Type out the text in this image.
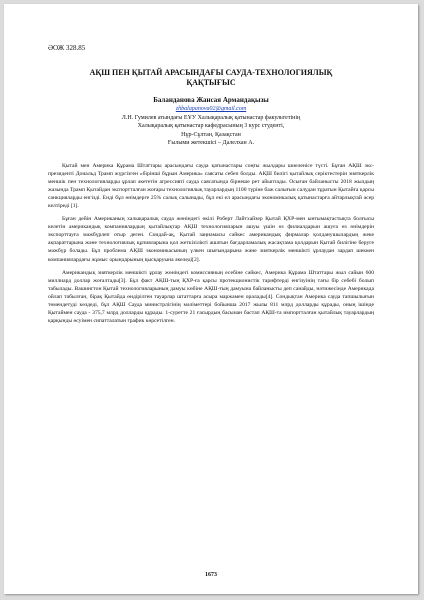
ӘОЖ 328.85
АҚШ ПЕН ҚЫТАЙ АРАСЫНДАҒЫ САУДА-ТЕХНОЛОГИЯЛЫҚ
ҚАҚТЫҒЫС
Баланданова Жансая Армандақызы
zhbalapanova02@gmail.com
Л.Н. Гумилев атындағы ЕҰУ Халықаралық қатынастар факультетінің
Халықаралық қатынастар кафедрасының 3 курс студенті,
Нұр-Сұлтан, Қазақстан
Ғылыми жетекшісі – Далелхан А.

Қытай мен Америка Құрама Штаттары арасындағы сауда қатынастары соңғы жылдары шиеленісе түсті. Бұған АҚШ экс-президенті Дональд Трамп жүргізген «бірінші бұрын Америка» саясаты себеп болды. АҚШ билігі қытайлық серіктестерін зияткерлік меншік пен технологияларды ұрлап әкететін агрессивті сауда саясатында бірнеше рет айыптады. Осыған байланысты 2018 жылдың жазында Трамп Қытайдан экспортталған жоғары технологиялық тауарлардың 1100 түріне баж салығын салудан тұратын Қытайға қарсы санкцияларды енгізді. Енді бұл өнімдерге 25% салық салынады, бұл екі ел арасындағы экономикалық қатынастарға айтарлықтай әсер келтіреді [1].

Бұған дейін Американың халықаралық сауда жөніндегі өкілі Роберт Лайтхайзер Қытай ҚХР-мен ынтымақтастықта болғысы келетін американдық компаниялардың қытайлықтар АҚШ технологияларын ашуы үшін өз филиалдарын ашуға өз өнімдерін экспорттауға мәжбүрлеп отыр деген. Сондай-ақ, Қытай заңнамасы сәйкес американдық фирмалар қолданушылардың жеке ақпараттарына және технологиялық құпияларына қол жеткізілікті ашатын бағдарламалық жасақтама қолдарын Қытай билігіне беруге мәжбүр болады. Бұл проблема АҚШ экономикасының үлкен шығындарына және зияткерлік меншікті ұрлаудан зардап шеккен компаниялардағы жұмыс орындарының қысқаруына әкеледі[2].

Американдық зияткерлік меншікті ұрлау жөніндегі комиссияның есебіне сәйкес, Америка Құрама Штаттары жыл сайын 600 миллиард доллар жоғалтады[3]. Бұл факт АҚШ-тың ҚХР-ға қарсы протекционистік тарифтерді енгізуінің тағы бір себебі болып табылады. Вашингтон Қытай технологияларының дамуы көбіне АҚШ-тың дамуына байланысты деп санайды, нәтижесінде Америкада ойлап табылған, бірақ Қытайда өндірілген тауарлар штаттарға асыра маржамен оралады[4]. Сондықтан Америка сауда тапшылығын төмендетуді көздеді, бұл АҚШ Сауда министрлігінің мәліметтері бойынша 2017 жылы 811 млрд долларды құрады, оның ішінде Қытаймен сауда - 375,7 млрд долларды құрады. 1-суретте 21 ғасырдың басынан бастап АҚШ-та импортталған қытайлық тауарлардың қарқынды өсуімен сипатталатын график көрсетілген.

1673
